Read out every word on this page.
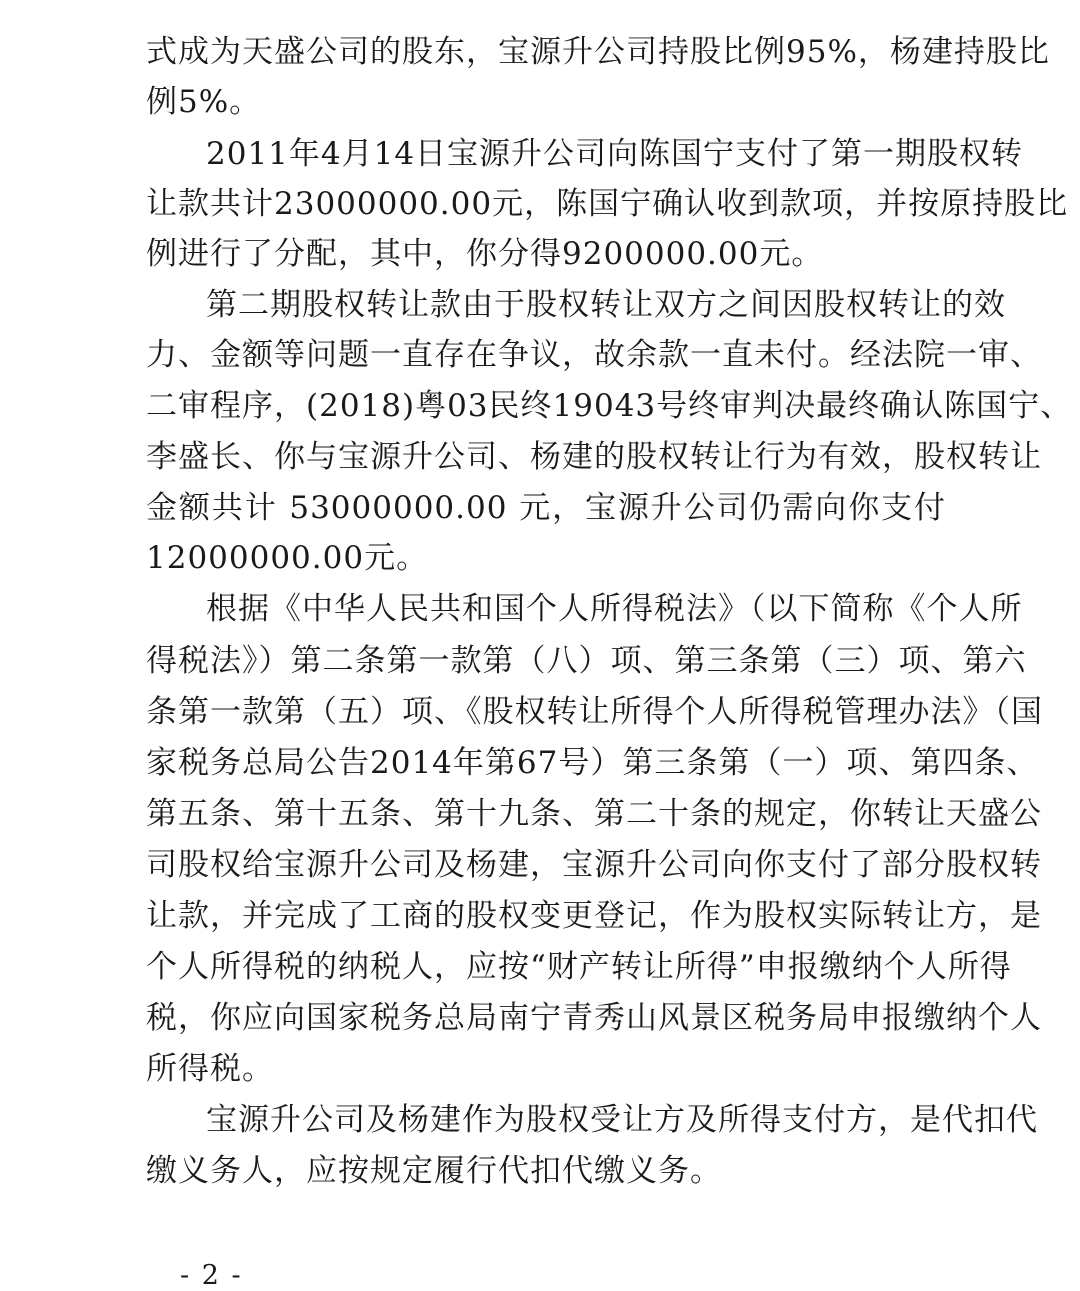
式成为天盛公司的股东，宝源升公司持股比例95%，杨建持股比
例5%。
2011年4月14日宝源升公司向陈国宁支付了第一期股权转
让款共计23000000.00元，陈国宁确认收到款项，并按原持股比
例进行了分配，其中，你分得9200000.00元。
第二期股权转让款由于股权转让双方之间因股权转让的效
力、金额等问题一直存在争议，故余款一直未付。经法院一审、
二审程序，(2018)粤03民终19043号终审判决最终确认陈国宁、
李盛长、你与宝源升公司、杨建的股权转让行为有效，股权转让
金额共计 53000000.00 元，宝源升公司仍需向你支付
12000000.00元。
根据《中华人民共和国个人所得税法》（以下简称《个人所
得税法》）第二条第一款第（八）项、第三条第（三）项、第六
条第一款第（五）项、《股权转让所得个人所得税管理办法》（国
家税务总局公告2014年第67号）第三条第（一）项、第四条、
第五条、第十五条、第十九条、第二十条的规定，你转让天盛公
司股权给宝源升公司及杨建，宝源升公司向你支付了部分股权转
让款，并完成了工商的股权变更登记，作为股权实际转让方，是
个人所得税的纳税人，应按“财产转让所得”申报缴纳个人所得
税，你应向国家税务总局南宁青秀山风景区税务局申报缴纳个人
所得税。
宝源升公司及杨建作为股权受让方及所得支付方，是代扣代
缴义务人，应按规定履行代扣代缴义务。
- 2 -
